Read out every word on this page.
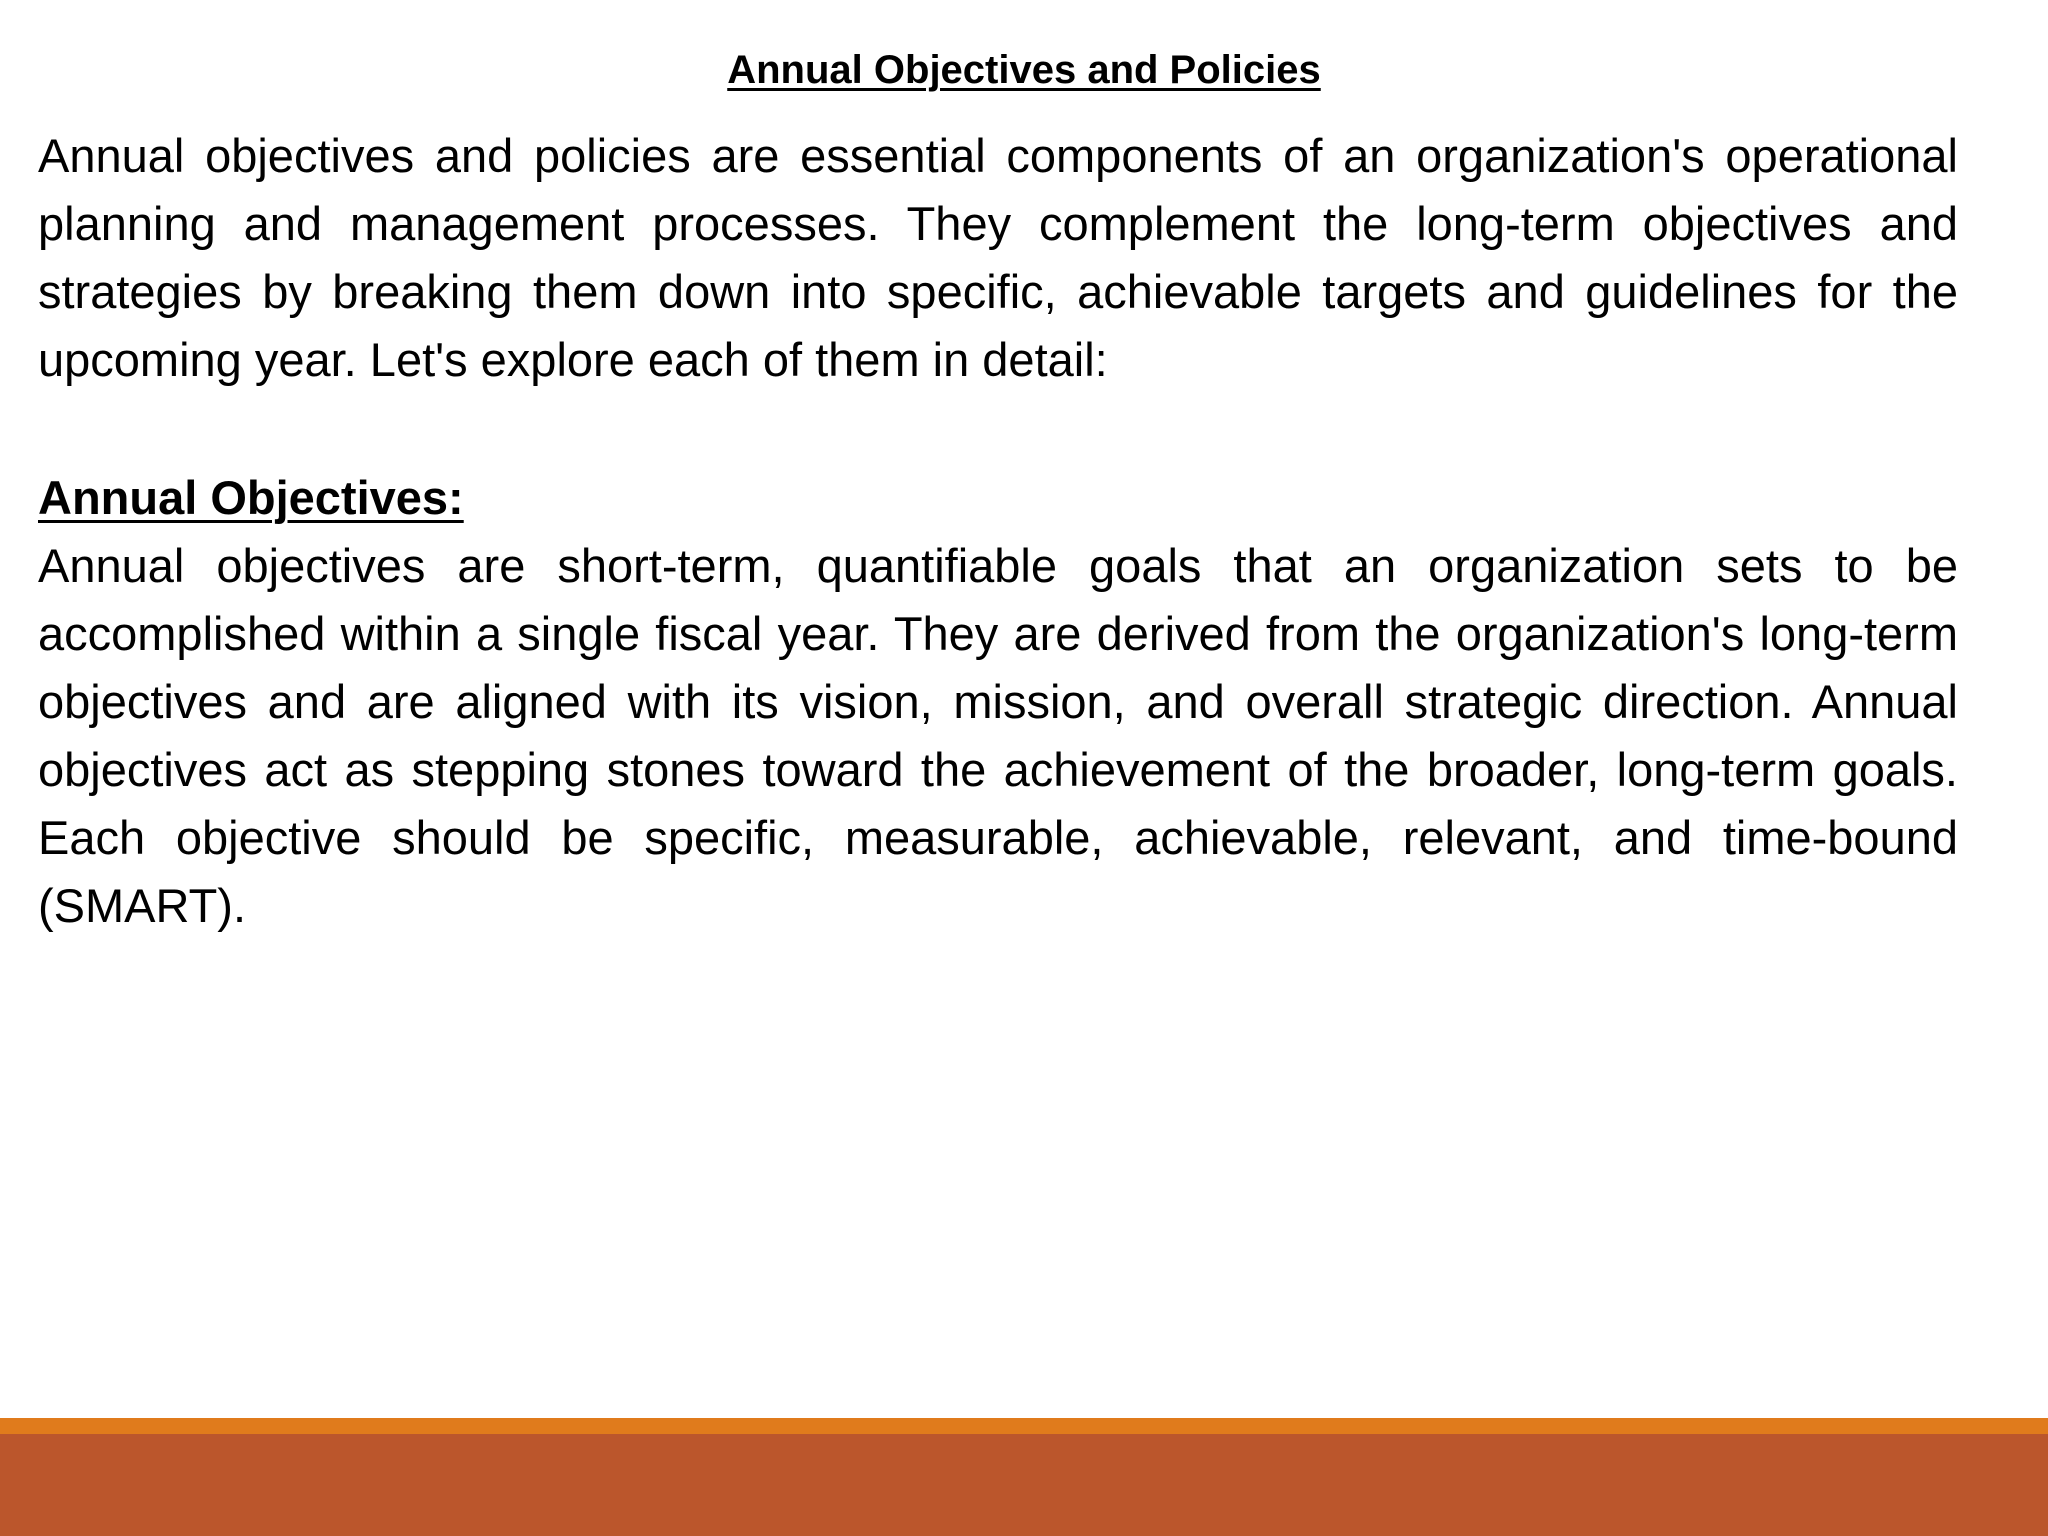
Annual Objectives and Policies

Annual objectives and policies are essential components of an organization's operational planning and management processes. They complement the long-term objectives and strategies by breaking them down into specific, achievable targets and guidelines for the upcoming year. Let's explore each of them in detail:

Annual Objectives:

Annual objectives are short-term, quantifiable goals that an organization sets to be accomplished within a single fiscal year. They are derived from the organization's long-term objectives and are aligned with its vision, mission, and overall strategic direction. Annual objectives act as stepping stones toward the achievement of the broader, long-term goals. Each objective should be specific, measurable, achievable, relevant, and time-bound (SMART).
